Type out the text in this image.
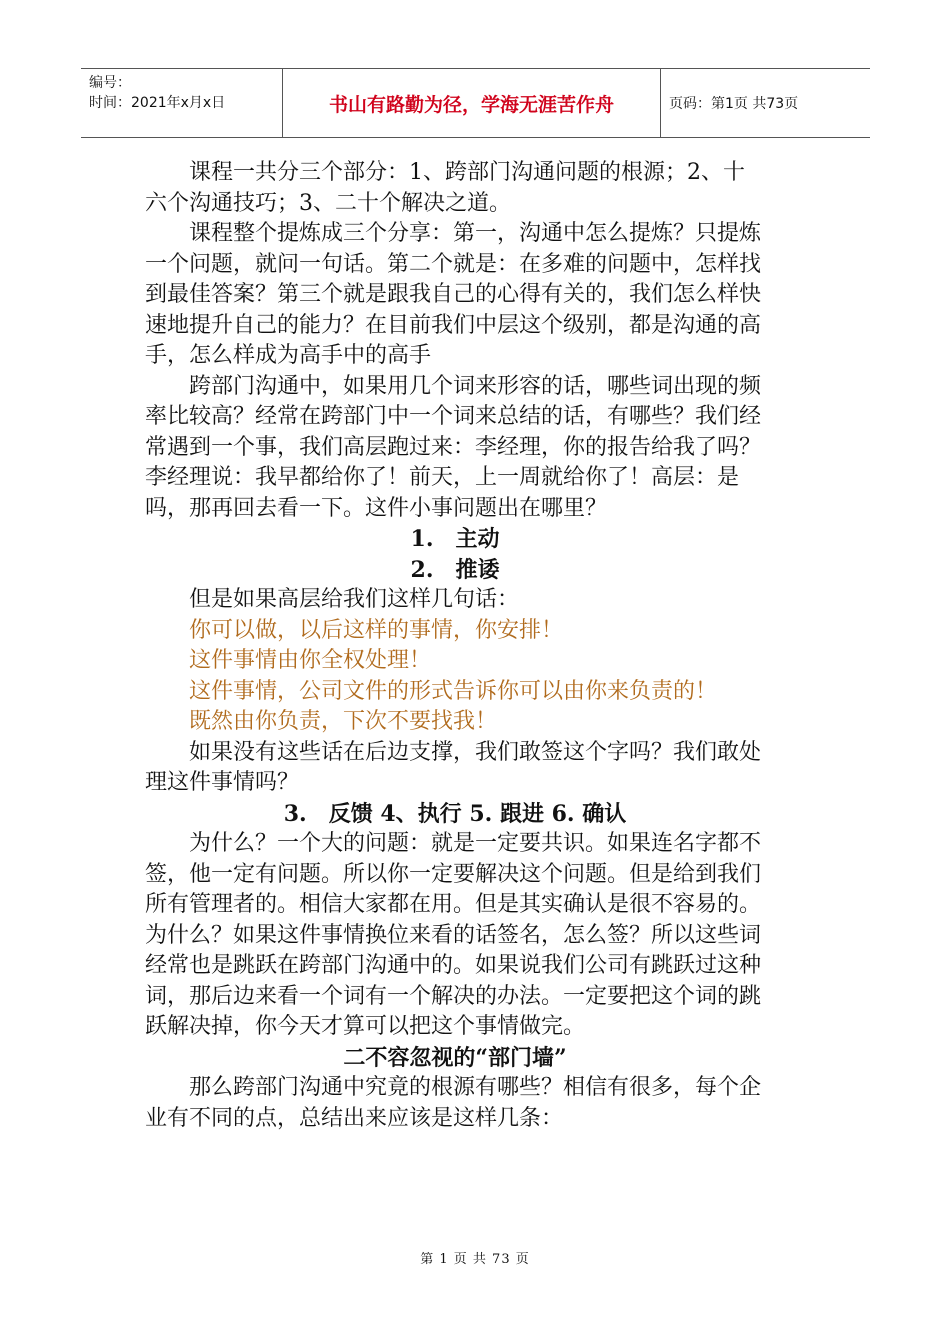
编号：
时间：2021年x月x日	书山有路勤为径，学海无涯苦作舟	页码：第1页 共73页

课程一共分三个部分：1、跨部门沟通问题的根源；2、十六个沟通技巧；3、二十个解决之道。

课程整个提炼成三个分享：第一，沟通中怎么提炼？只提炼一个问题，就问一句话。第二个就是：在多难的问题中，怎样找到最佳答案？第三个就是跟我自己的心得有关的，我们怎么样快速地提升自己的能力？在目前我们中层这个级别，都是沟通的高手，怎么样成为高手中的高手

跨部门沟通中，如果用几个词来形容的话，哪些词出现的频率比较高？经常在跨部门中一个词来总结的话，有哪些？我们经常遇到一个事，我们高层跑过来：李经理，你的报告给我了吗？李经理说：我早都给你了！前天，上一周就给你了！高层：是吗，那再回去看一下。这件小事问题出在哪里？

1.　主动

2.　推诿

但是如果高层给我们这样几句话：

你可以做，以后这样的事情，你安排！

这件事情由你全权处理！

这件事情，公司文件的形式告诉你可以由你来负责的！

既然由你负责，下次不要找我！

如果没有这些话在后边支撑，我们敢签这个字吗？我们敢处理这件事情吗？

3.　反馈 4、执行 5. 跟进 6. 确认

为什么？一个大的问题：就是一定要共识。如果连名字都不签，他一定有问题。所以你一定要解决这个问题。但是给到我们所有管理者的。相信大家都在用。但是其实确认是很不容易的。为什么？如果这件事情换位来看的话签名，怎么签？所以这些词经常也是跳跃在跨部门沟通中的。如果说我们公司有跳跃过这种词，那后边来看一个词有一个解决的办法。一定要把这个词的跳跃解决掉，你今天才算可以把这个事情做完。

二不容忽视的“部门墙”

那么跨部门沟通中究竟的根源有哪些？相信有很多，每个企业有不同的点，总结出来应该是这样几条：

第 1 页 共 73 页
